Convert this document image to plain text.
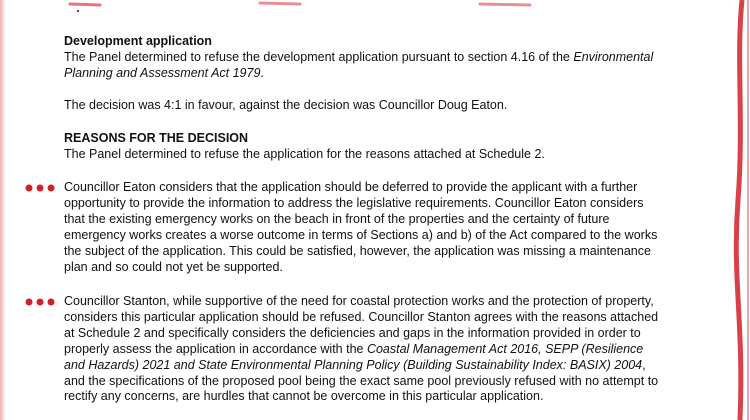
Development application

The Panel determined to refuse the development application pursuant to section 4.16 of the Environmental Planning and Assessment Act 1979.

The decision was 4:1 in favour, against the decision was Councillor Doug Eaton.

REASONS FOR THE DECISION

The Panel determined to refuse the application for the reasons attached at Schedule 2.

Councillor Eaton considers that the application should be deferred to provide the applicant with a further opportunity to provide the information to address the legislative requirements. Councillor Eaton considers that the existing emergency works on the beach in front of the properties and the certainty of future emergency works creates a worse outcome in terms of Sections a) and b) of the Act compared to the works the subject of the application. This could be satisfied, however, the application was missing a maintenance plan and so could not yet be supported.

Councillor Stanton, while supportive of the need for coastal protection works and the protection of property, considers this particular application should be refused. Councillor Stanton agrees with the reasons attached at Schedule 2 and specifically considers the deficiencies and gaps in the information provided in order to properly assess the application in accordance with the Coastal Management Act 2016, SEPP (Resilience and Hazards) 2021 and State Environmental Planning Policy (Building Sustainability Index: BASIX) 2004, and the specifications of the proposed pool being the exact same pool previously refused with no attempt to rectify any concerns, are hurdles that cannot be overcome in this particular application.
